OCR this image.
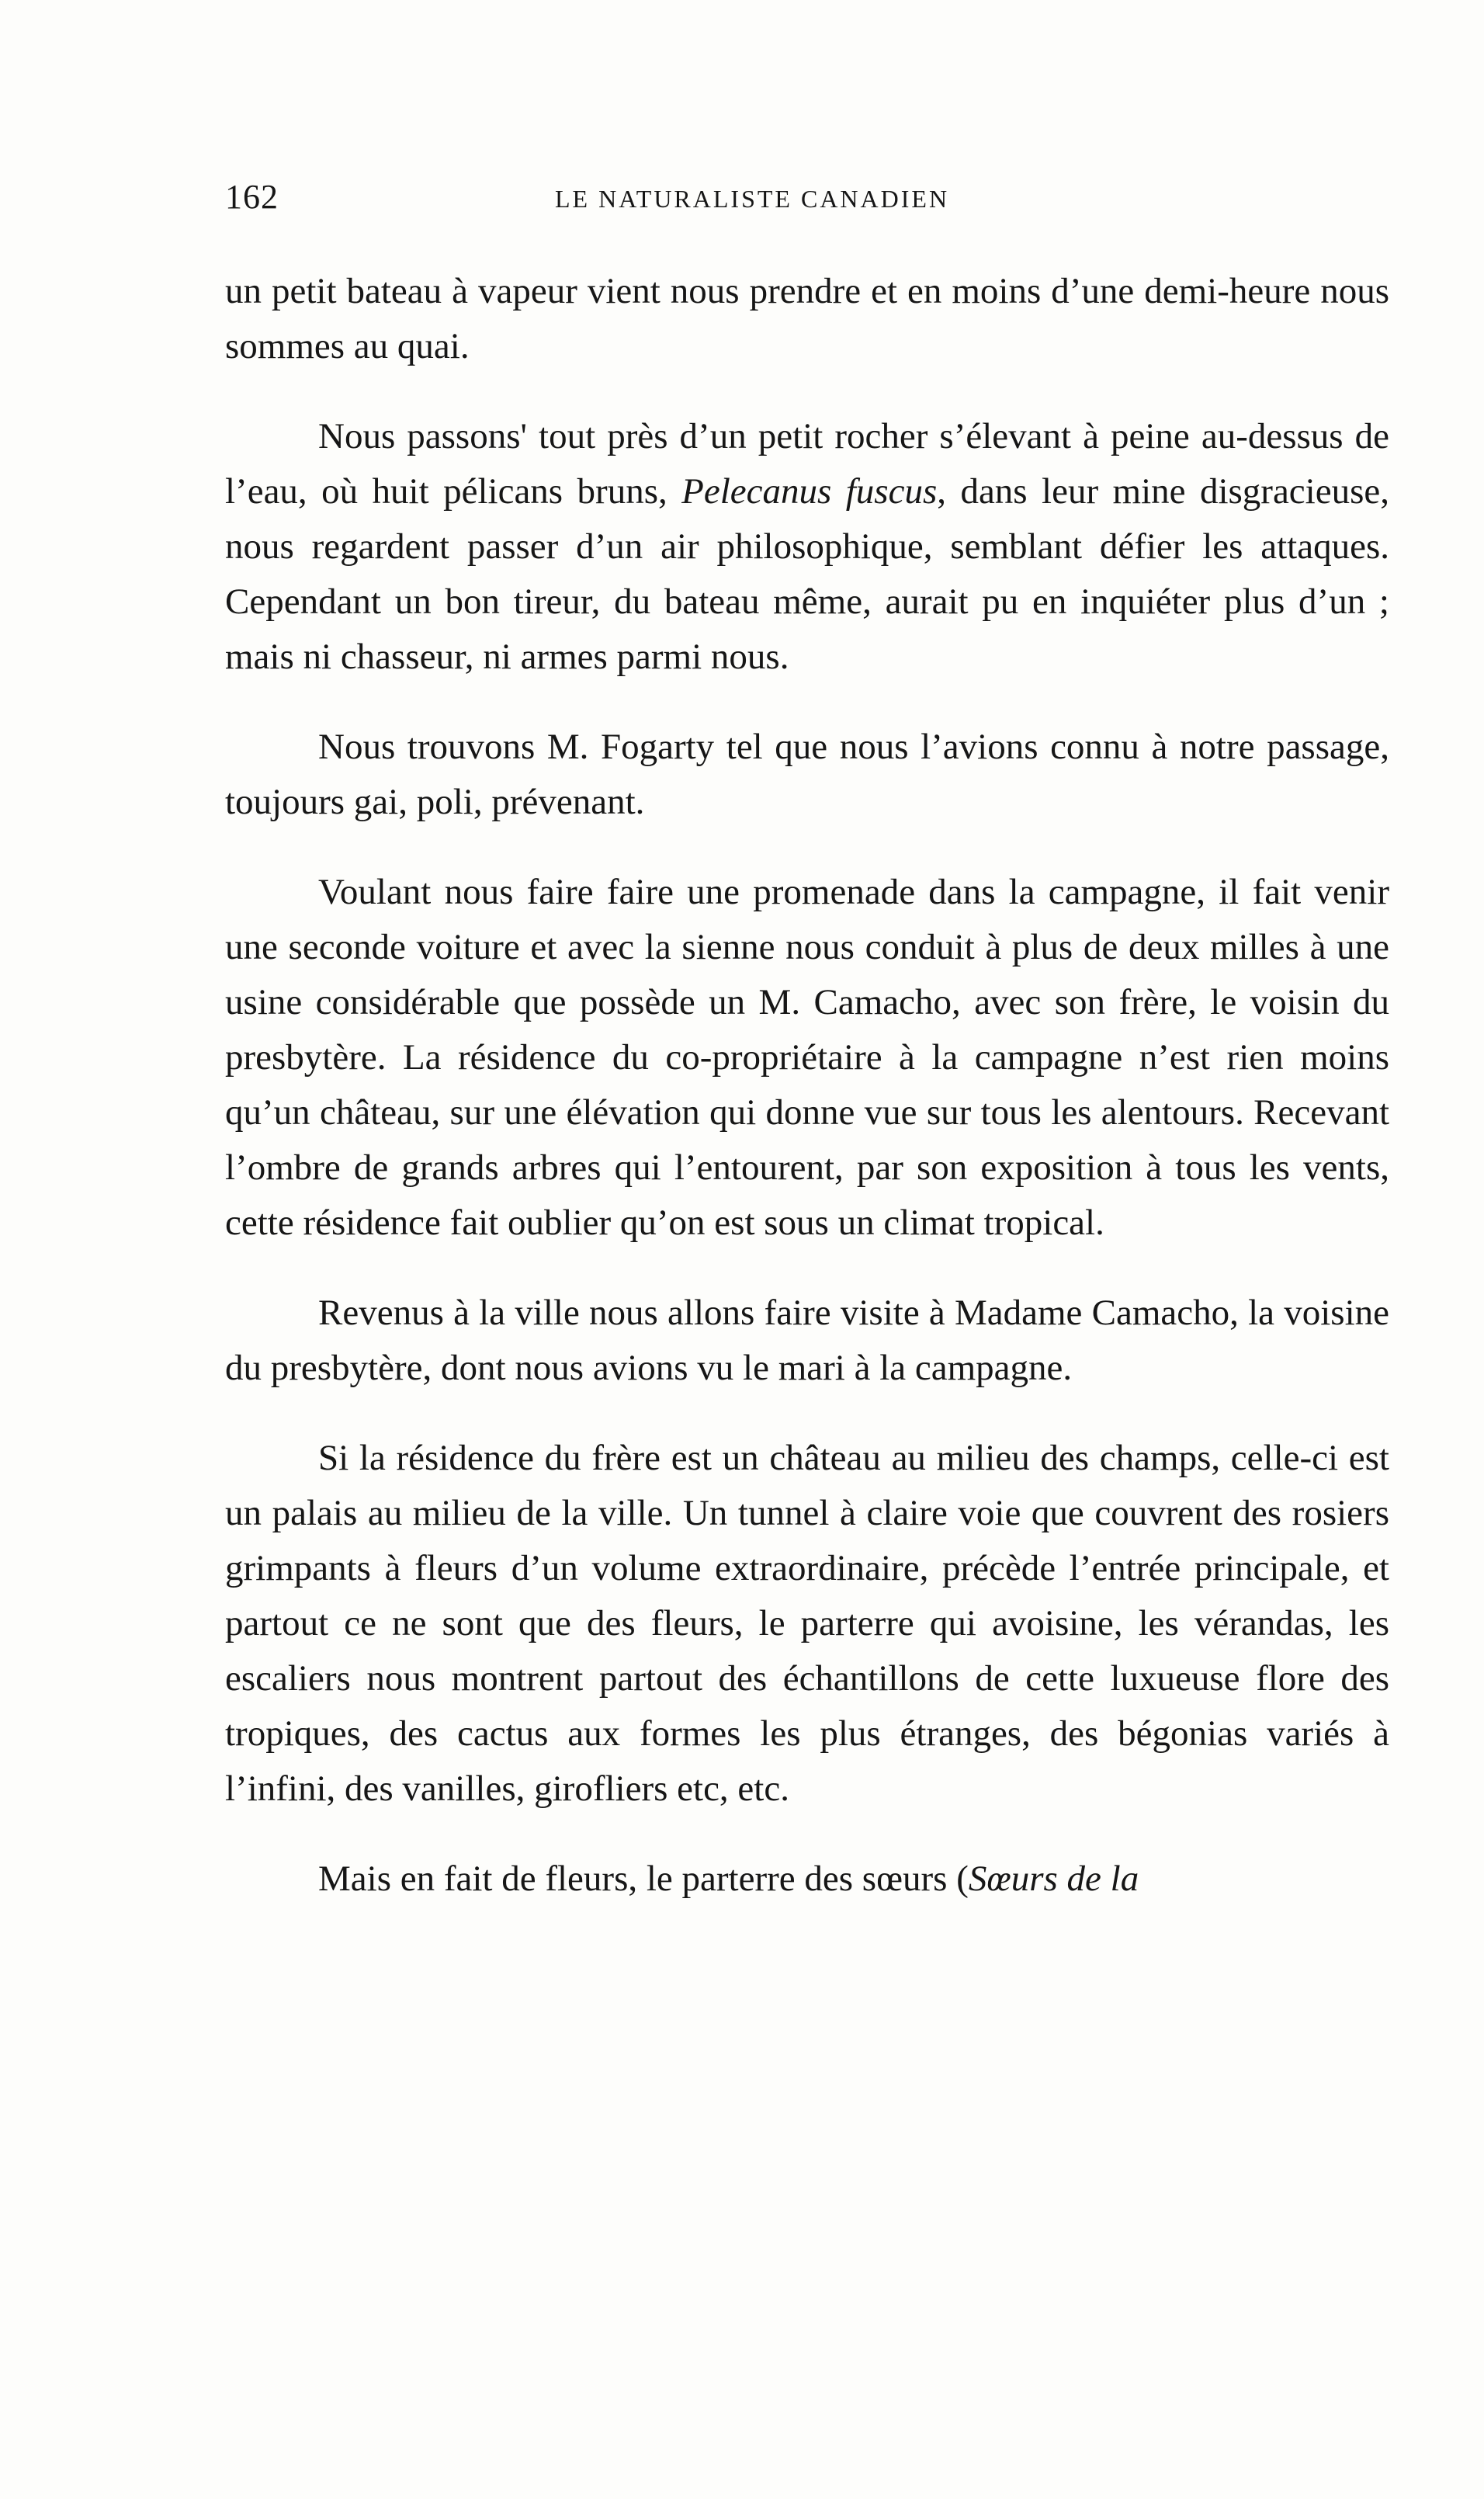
162	LE NATURALISTE CANADIEN

un petit bateau à vapeur vient nous prendre et en moins d’une demi-heure nous sommes au quai.

Nous passons' tout près d’un petit rocher s’élevant à peine au-dessus de l’eau, où huit pélicans bruns, Pelecanus fuscus, dans leur mine disgracieuse, nous regardent passer d’un air philosophique, semblant défier les attaques. Cependant un bon tireur, du bateau même, aurait pu en inquiéter plus d’un ; mais ni chasseur, ni armes parmi nous.

Nous trouvons M. Fogarty tel que nous l’avions connu à notre passage, toujours gai, poli, prévenant.

Voulant nous faire faire une promenade dans la campagne, il fait venir une seconde voiture et avec la sienne nous conduit à plus de deux milles à une usine considérable que possède un M. Camacho, avec son frère, le voisin du presbytère. La résidence du co-propriétaire à la campagne n’est rien moins qu’un château, sur une élévation qui donne vue sur tous les alentours. Recevant l’ombre de grands arbres qui l’entourent, par son exposition à tous les vents, cette résidence fait oublier qu’on est sous un climat tropical.

Revenus à la ville nous allons faire visite à Madame Camacho, la voisine du presbytère, dont nous avions vu le mari à la campagne.

Si la résidence du frère est un château au milieu des champs, celle-ci est un palais au milieu de la ville. Un tunnel à claire voie que couvrent des rosiers grimpants à fleurs d’un volume extraordinaire, précède l’entrée principale, et partout ce ne sont que des fleurs, le parterre qui avoisine, les vérandas, les escaliers nous montrent partout des échantillons de cette luxueuse flore des tropiques, des cactus aux formes les plus étranges, des bégonias variés à l’infini, des vanilles, girofliers etc, etc.

Mais en fait de fleurs, le parterre des sœurs (Sœurs de la
